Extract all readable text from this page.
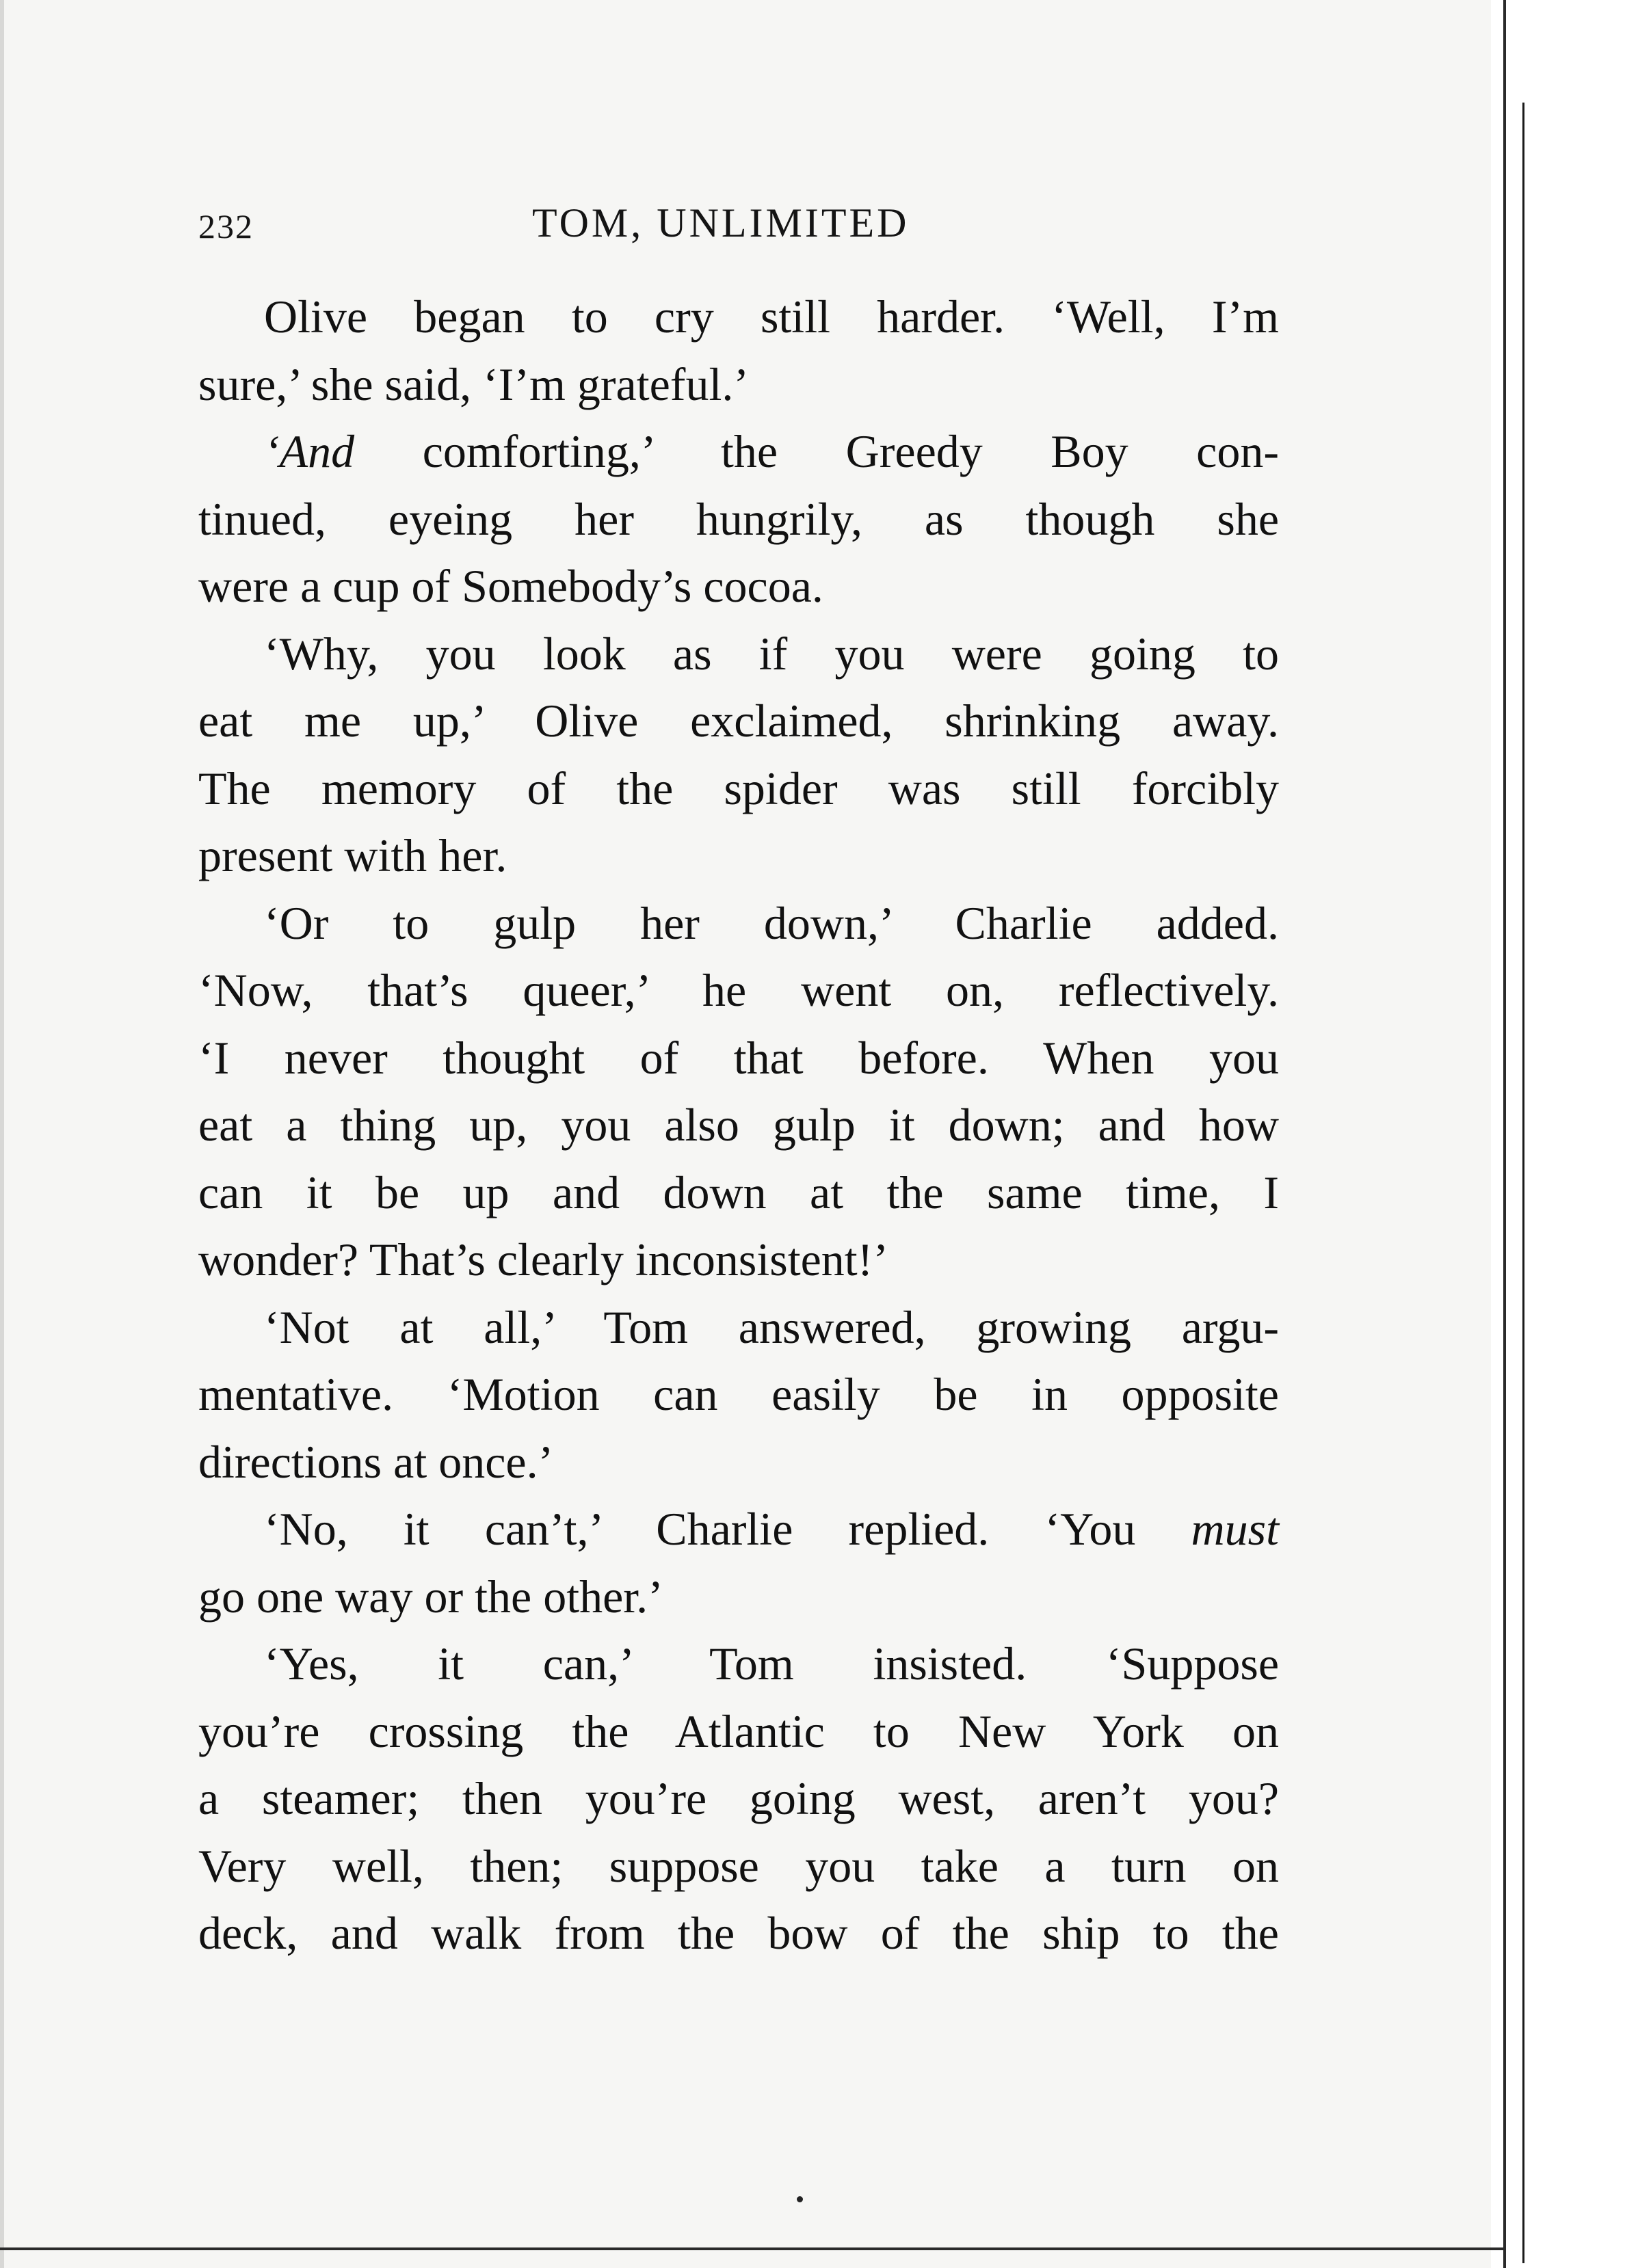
232	TOM, UNLIMITED
Olive began to cry still harder. ‘Well, I’m
sure,’ she said, ‘I’m grateful.’
‘And comforting,’ the Greedy Boy con-
tinued, eyeing her hungrily, as though she
were a cup of Somebody’s cocoa.
‘Why, you look as if you were going to
eat me up,’ Olive exclaimed, shrinking away.
The memory of the spider was still forcibly
present with her.
‘Or to gulp her down,’ Charlie added.
‘Now, that’s queer,’ he went on, reflectively.
‘I never thought of that before. When you
eat a thing up, you also gulp it down; and how
can it be up and down at the same time, I
wonder? That’s clearly inconsistent!’
‘Not at all,’ Tom answered, growing argu-
mentative. ‘Motion can easily be in opposite
directions at once.’
‘No, it can’t,’ Charlie replied. ‘You must
go one way or the other.’
‘Yes, it can,’ Tom insisted. ‘Suppose
you’re crossing the Atlantic to New York on
a steamer; then you’re going west, aren’t you?
Very well, then; suppose you take a turn on
deck, and walk from the bow of the ship to the
